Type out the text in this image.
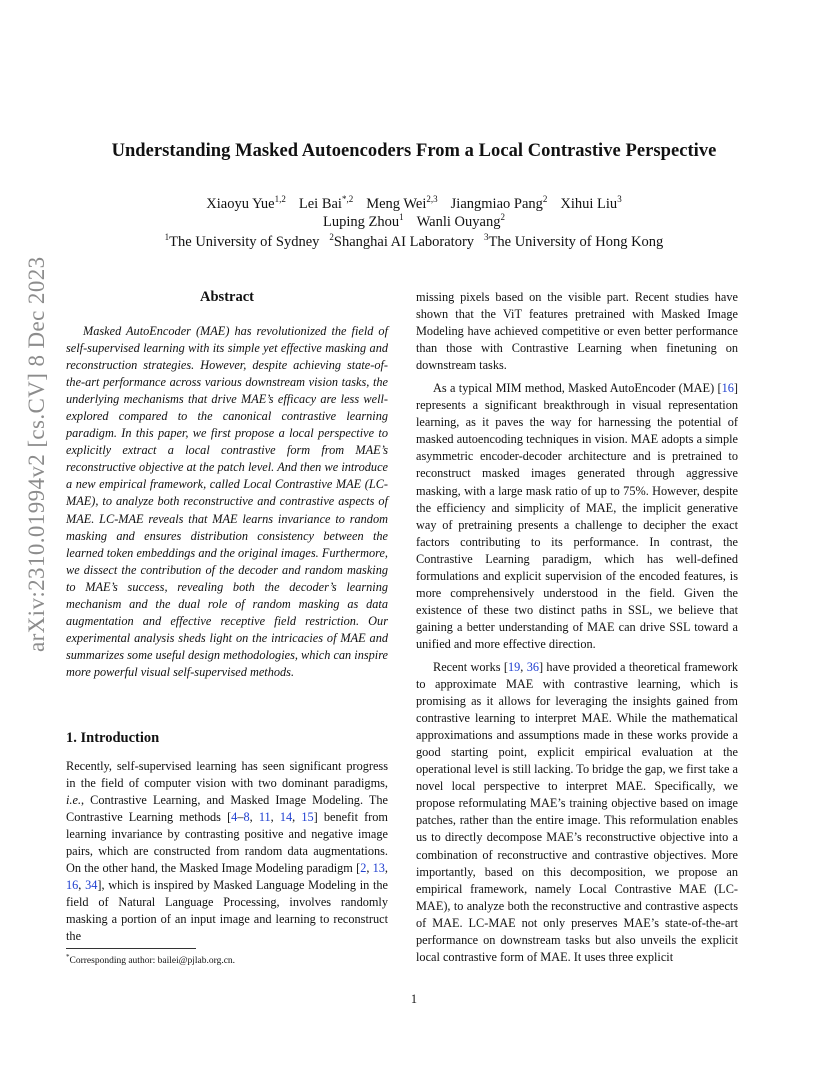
arXiv:2310.01994v2 [cs.CV] 8 Dec 2023
Understanding Masked Autoencoders From a Local Contrastive Perspective
Xiaoyu Yue$^{1,2}$ Lei Bai$^{*,2}$ Meng Wei$^{2,3}$ Jiangmiao Pang$^2$ Xihui Liu$^3$
Luping Zhou$^1$ Wanli Ouyang$^2$
$^1$The University of Sydney $^2$Shanghai AI Laboratory $^3$The University of Hong Kong
Abstract

Masked AutoEncoder (MAE) has revolutionized the field of self-supervised learning with its simple yet effective masking and reconstruction strategies. However, despite achieving state-of-the-art performance across various downstream vision tasks, the underlying mechanisms that drive MAE’s efficacy are less well-explored compared to the canonical contrastive learning paradigm. In this paper, we first propose a local perspective to explicitly extract a local contrastive form from MAE’s reconstructive objective at the patch level. And then we introduce a new empirical framework, called Local Contrastive MAE (LC-MAE), to analyze both reconstructive and contrastive aspects of MAE. LC-MAE reveals that MAE learns invariance to random masking and ensures distribution consistency between the learned token embeddings and the original images. Furthermore, we dissect the contribution of the decoder and random masking to MAE’s success, revealing both the decoder’s learning mechanism and the dual role of random masking as data augmentation and effective receptive field restriction. Our experimental analysis sheds light on the intricacies of MAE and summarizes some useful design methodologies, which can inspire more powerful visual self-supervised methods.

1. Introduction

Recently, self-supervised learning has seen significant progress in the field of computer vision with two dominant paradigms, i.e., Contrastive Learning, and Masked Image Modeling. The Contrastive Learning methods [4–8, 11, 14, 15] benefit from learning invariance by contrasting positive and negative image pairs, which are constructed from random data augmentations. On the other hand, the Masked Image Modeling paradigm [2, 13, 16, 34], which is inspired by Masked Language Modeling in the field of Natural Language Processing, involves randomly masking a portion of an input image and learning to reconstruct the

missing pixels based on the visible part. Recent studies have shown that the ViT features pretrained with Masked Image Modeling have achieved competitive or even better performance than those with Contrastive Learning when finetuning on downstream tasks.

As a typical MIM method, Masked AutoEncoder (MAE) [16] represents a significant breakthrough in visual representation learning, as it paves the way for harnessing the potential of masked autoencoding techniques in vision. MAE adopts a simple asymmetric encoder-decoder architecture and is pretrained to reconstruct masked images generated through aggressive masking, with a large mask ratio of up to 75%. However, despite the efficiency and simplicity of MAE, the implicit generative way of pretraining presents a challenge to decipher the exact factors contributing to its performance. In contrast, the Contrastive Learning paradigm, which has well-defined formulations and explicit supervision of the encoded features, is more comprehensively understood in the field. Given the existence of these two distinct paths in SSL, we believe that gaining a better understanding of MAE can drive SSL toward a unified and more effective direction.

Recent works [19, 36] have provided a theoretical framework to approximate MAE with contrastive learning, which is promising as it allows for leveraging the insights gained from contrastive learning to interpret MAE. While the mathematical approximations and assumptions made in these works provide a good starting point, explicit empirical evaluation at the operational level is still lacking. To bridge the gap, we first take a novel local perspective to interpret MAE. Specifically, we propose reformulating MAE’s training objective based on image patches, rather than the entire image. This reformulation enables us to directly decompose MAE’s reconstructive objective into a combination of reconstructive and contrastive objectives. More importantly, based on this decomposition, we propose an empirical framework, namely Local Contrastive MAE (LC-MAE), to analyze both the reconstructive and contrastive aspects of MAE. LC-MAE not only preserves MAE’s state-of-the-art performance on downstream tasks but also unveils the explicit local contrastive form of MAE. It uses three explicit

*Corresponding author: bailei@pjlab.org.cn.
1
